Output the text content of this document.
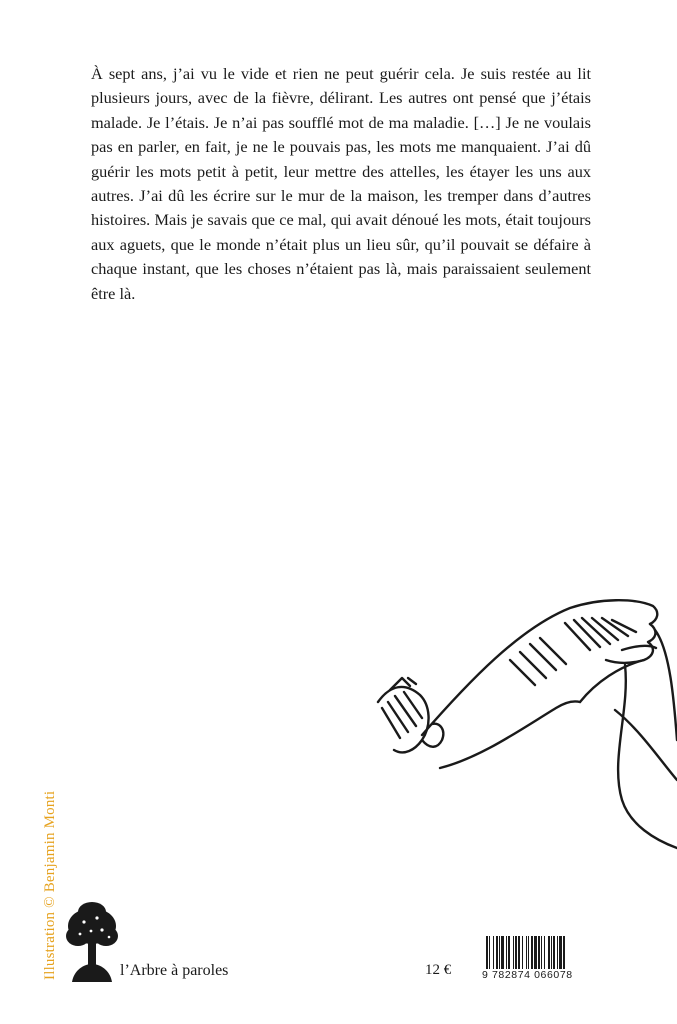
À sept ans, j’ai vu le vide et rien ne peut guérir cela. Je suis restée au lit plusieurs jours, avec de la fièvre, délirant. Les autres ont pensé que j’étais malade. Je l’étais. Je n’ai pas soufflé mot de ma maladie. […] Je ne voulais pas en parler, en fait, je ne le pouvais pas, les mots me manquaient. J’ai dû guérir les mots petit à petit, leur mettre des attelles, les étayer les uns aux autres. J’ai dû les écrire sur le mur de la maison, les tremper dans d’autres histoires. Mais je savais que ce mal, qui avait dénoué les mots, était toujours aux aguets, que le monde n’était plus un lieu sûr, qu’il pouvait se défaire à chaque instant, que les choses n’étaient pas là, mais paraissaient seulement être là.

Illustration © Benjamin Monti	l’Arbre à paroles	12 €	9 782874 066078
